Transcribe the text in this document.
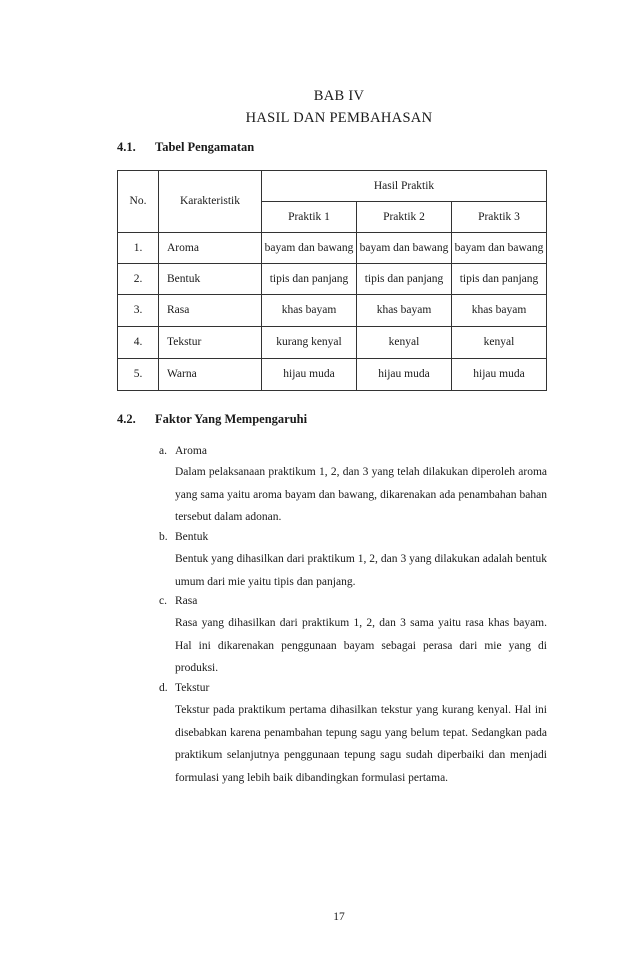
BAB IV
HASIL DAN PEMBAHASAN
4.1. Tabel Pengamatan
No.	Karakteristik	Hasil Praktik		
		Praktik 1	Praktik 2	Praktik 3
1.	Aroma	bayam dan bawang	bayam dan bawang	bayam dan bawang
2.	Bentuk	tipis dan panjang	tipis dan panjang	tipis dan panjang
3.	Rasa	khas bayam	khas bayam	khas bayam
4.	Tekstur	kurang kenyal	kenyal	kenyal
5.	Warna	hijau muda	hijau muda	hijau muda
4.2. Faktor Yang Mempengaruhi
a. Aroma
Dalam pelaksanaan praktikum 1, 2, dan 3 yang telah dilakukan diperoleh aroma yang sama yaitu aroma bayam dan bawang, dikarenakan ada penambahan bahan tersebut dalam adonan.
b. Bentuk
Bentuk yang dihasilkan dari praktikum 1, 2, dan 3 yang dilakukan adalah bentuk umum dari mie yaitu tipis dan panjang.
c. Rasa
Rasa yang dihasilkan dari praktikum 1, 2, dan 3 sama yaitu rasa khas bayam. Hal ini dikarenakan penggunaan bayam sebagai perasa dari mie yang di produksi.
d. Tekstur
Tekstur pada praktikum pertama dihasilkan tekstur yang kurang kenyal. Hal ini disebabkan karena penambahan tepung sagu yang belum tepat. Sedangkan pada praktikum selanjutnya penggunaan tepung sagu sudah diperbaiki dan menjadi formulasi yang lebih baik dibandingkan formulasi pertama.
17
